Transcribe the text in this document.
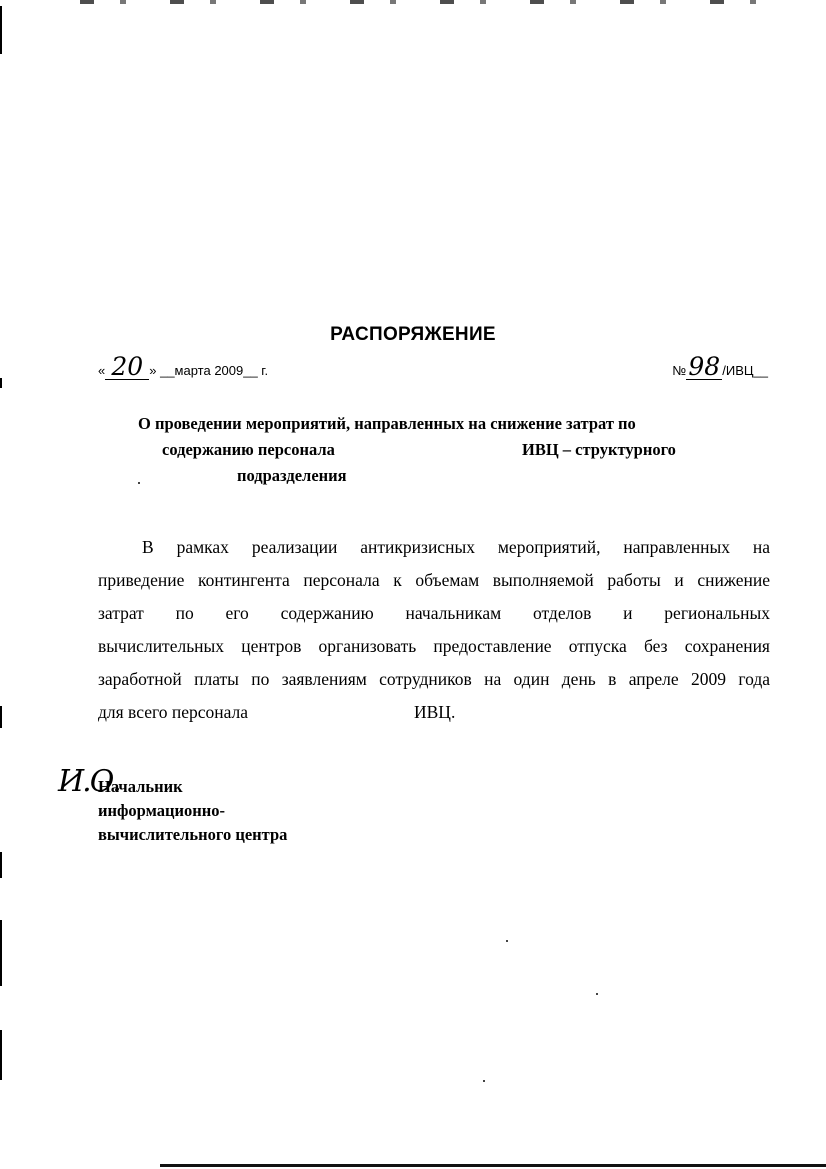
РАСПОРЯЖЕНИЕ
« 20 » __марта 2009__ г.	№98 /ИВЦ__
О проведении мероприятий, направленных на снижение затрат по
содержанию персонала	ИВЦ – структурного
подразделения
В рамках реализации антикризисных мероприятий, направленных на
приведение контингента персонала к объемам выполняемой работы и снижение
затрат по его содержанию начальникам отделов и региональных
вычислительных центров организовать предоставление отпуска без сохранения
заработной платы по заявлениям сотрудников на один день в апреле 2009 года
для всего персонала	ИВЦ.
И.О.
Начальник
информационно-
вычислительного центра
